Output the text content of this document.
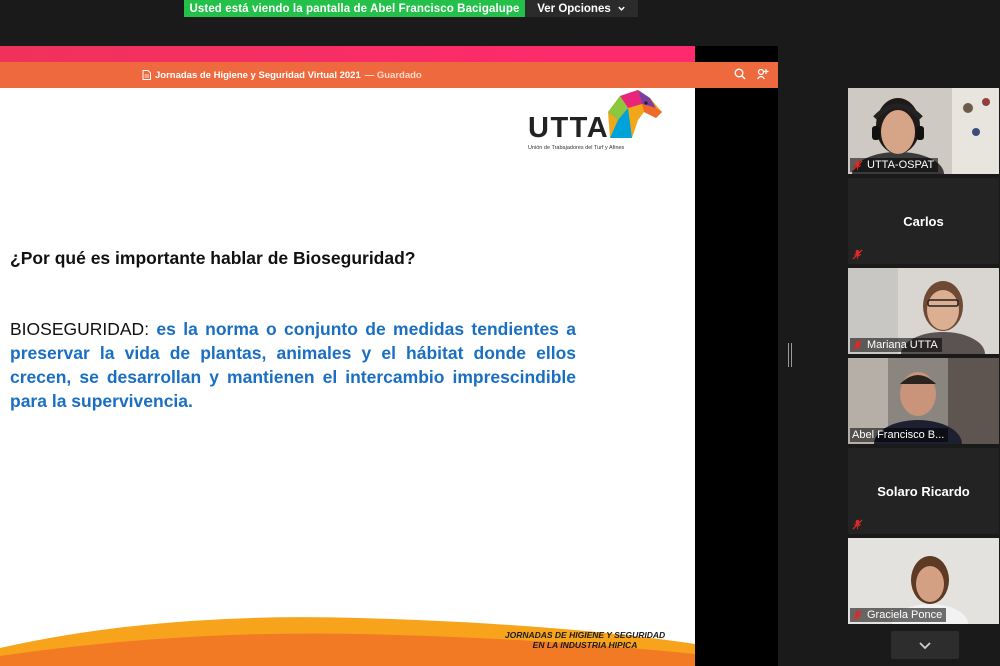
Usted está viendo la pantalla de Abel Francisco Bacigalupe Ver Opciones
Jornadas de Higiene y Seguridad Virtual 2021 — Guardado
UTTA
Unión de Trabajadores del Turf y Afines
¿Por qué es importante hablar de Bioseguridad?
BIOSEGURIDAD: es la norma o conjunto de medidas tendientes a preservar la vida de plantas, animales y el hábitat donde ellos crecen, se desarrollan y mantienen el intercambio imprescindible para la supervivencia.
JORNADAS DE HIGIENE Y SEGURIDAD
EN LA INDUSTRIA HIPICA
UTTA-OSPAT
Carlos
Mariana UTTA
Abel Francisco B...
Solaro Ricardo
Graciela Ponce
